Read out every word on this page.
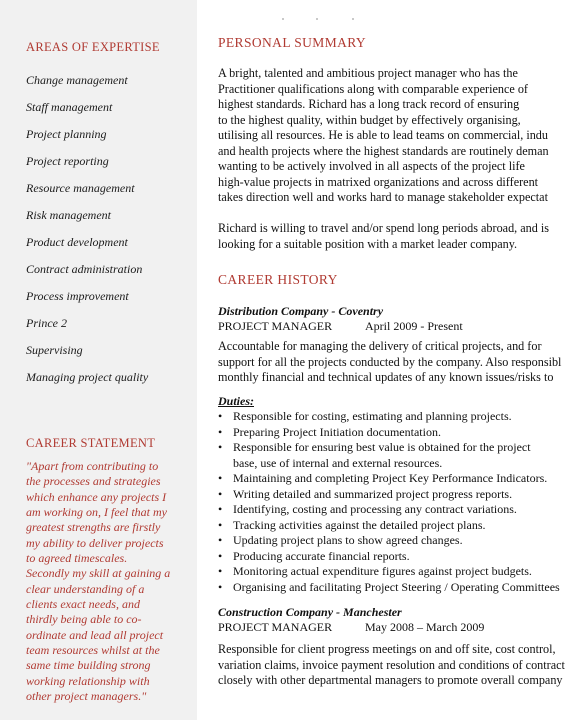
AREAS OF EXPERTISE
Change management
Staff management
Project planning
Project reporting
Resource management
Risk management
Product development
Contract administration
Process improvement
Prince 2
Supervising
Managing project quality
CAREER STATEMENT

"Apart from contributing to
the processes and strategies
which enhance any projects I
am working on, I feel that my
greatest strengths are firstly
my ability to deliver projects
to agreed timescales.
Secondly my skill at gaining a
clear understanding of a
clients exact needs, and
thirdly being able to co-
ordinate and lead all project
team resources whilst at the
same time building strong
working relationship with
other project managers."

PERSONAL SUMMARY

A bright, talented and ambitious project manager who has the
Practitioner qualifications along with comparable experience of
highest standards. Richard has a long track record of ensuring
to the highest quality, within budget by effectively organising,
utilising all resources. He is able to lead teams on commercial, indu
and health projects where the highest standards are routinely deman
wanting to be actively involved in all aspects of the project life
high-value projects in matrixed organizations and across different
takes direction well and works hard to manage stakeholder expectat

Richard is willing to travel and/or spend long periods abroad, and is
looking for a suitable position with a market leader company.

CAREER HISTORY

Distribution Company - Coventry

PROJECT MANAGER	April 2009 - Present

Accountable for managing the delivery of critical projects, and for
support for all the projects conducted by the company. Also responsibl
monthly financial and technical updates of any known issues/risks to

Duties:

• Responsible for costing, estimating and planning projects.
• Preparing Project Initiation documentation.
• Responsible for ensuring best value is obtained for the project
base, use of internal and external resources.
• Maintaining and completing Project Key Performance Indicators.
• Writing detailed and summarized project progress reports.
• Identifying, costing and processing any contract variations.
• Tracking activities against the detailed project plans.
• Updating project plans to show agreed changes.
• Producing accurate financial reports.
• Monitoring actual expenditure figures against project budgets.
• Organising and facilitating Project Steering / Operating Committees

Construction Company - Manchester

PROJECT MANAGER	May 2008 – March 2009

Responsible for client progress meetings on and off site, cost control,
variation claims, invoice payment resolution and conditions of contract
closely with other departmental managers to promote overall company
